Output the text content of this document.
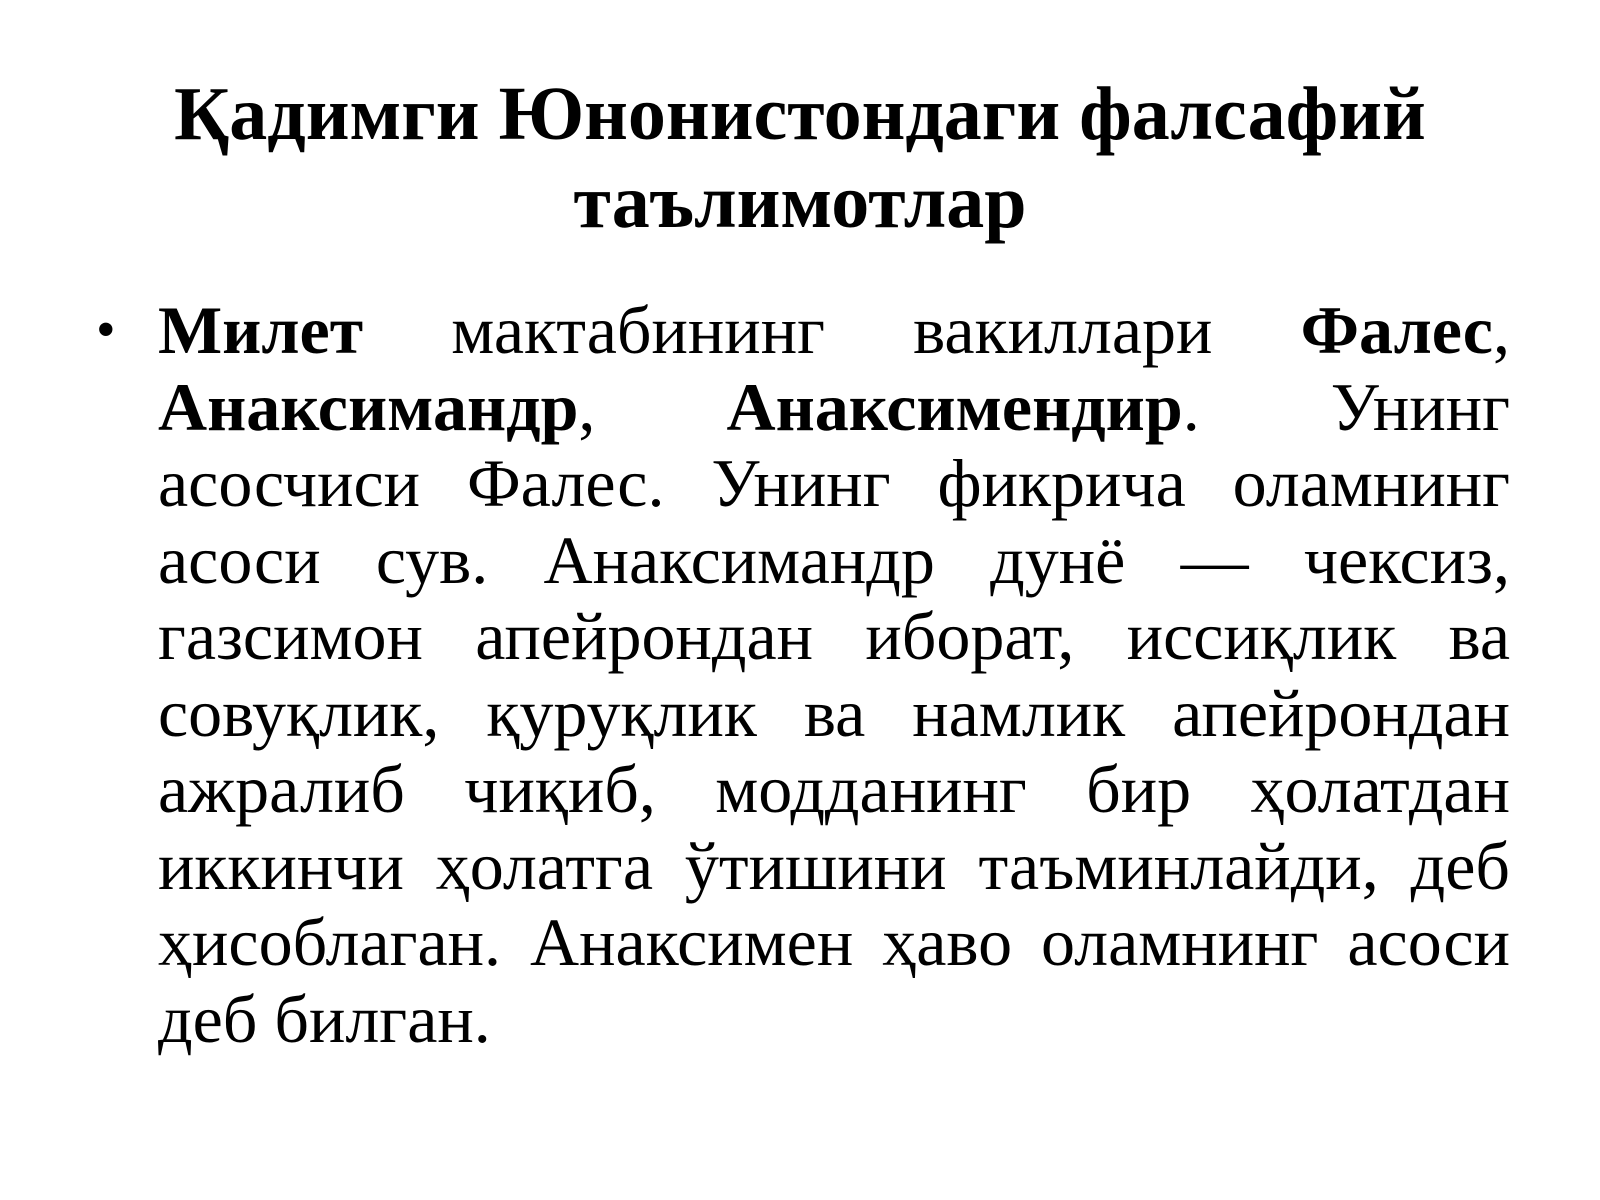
Қадимги Юнонистондаги фалсафий
таълимотлар
• Милет мактабининг вакиллари Фалес, Анаксимандр, Анаксимендир. Унинг асосчиси Фалес. Унинг фикрича оламнинг асоси сув. Анаксимандр дунё — чексиз, газсимон апейрондан иборат, иссиқлик ва совуқлик, қуруқлик ва намлик апейрондан ажралиб чиқиб, модданинг бир ҳолатдан иккинчи ҳолатга ўтишини таъминлайди, деб ҳисоблаган. Анаксимен ҳаво оламнинг асоси деб билган.
